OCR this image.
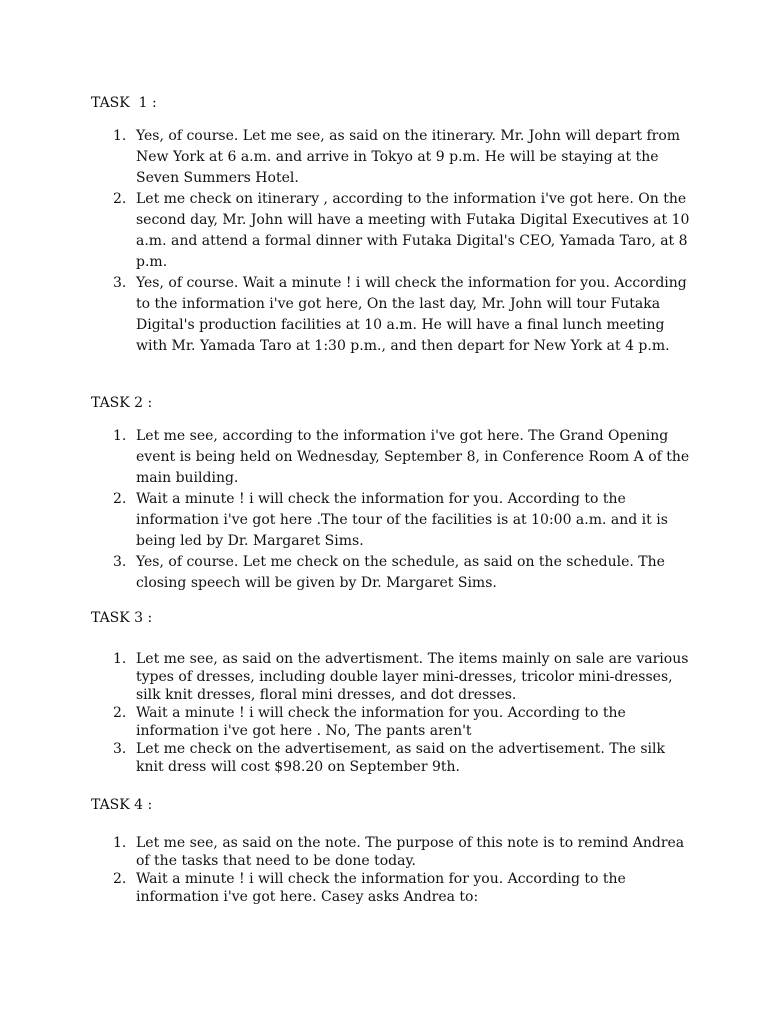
TASK  1 :
1. Yes, of course. Let me see, as said on the itinerary. Mr. John will depart from New York at 6 a.m. and arrive in Tokyo at 9 p.m. He will be staying at the Seven Summers Hotel.
2. Let me check on itinerary , according to the information i've got here. On the second day, Mr. John will have a meeting with Futaka Digital Executives at 10 a.m. and attend a formal dinner with Futaka Digital's CEO, Yamada Taro, at 8 p.m.
3. Yes, of course. Wait a minute ! i will check the information for you. According to the information i've got here, On the last day, Mr. John will tour Futaka Digital's production facilities at 10 a.m. He will have a final lunch meeting with Mr. Yamada Taro at 1:30 p.m., and then depart for New York at 4 p.m.
TASK 2 :
1. Let me see, according to the information i've got here. The Grand Opening event is being held on Wednesday, September 8, in Conference Room A of the main building.
2. Wait a minute ! i will check the information for you. According to the information i've got here .The tour of the facilities is at 10:00 a.m. and it is being led by Dr. Margaret Sims.
3. Yes, of course. Let me check on the schedule, as said on the schedule. The closing speech will be given by Dr. Margaret Sims.
TASK 3 :
1. Let me see, as said on the advertisment. The items mainly on sale are various types of dresses, including double layer mini-dresses, tricolor mini-dresses, silk knit dresses, floral mini dresses, and dot dresses.
2. Wait a minute ! i will check the information for you. According to the information i've got here . No, The pants aren't
3. Let me check on the advertisement, as said on the advertisement. The silk knit dress will cost $98.20 on September 9th.
TASK 4 :
1. Let me see, as said on the note. The purpose of this note is to remind Andrea of the tasks that need to be done today.
2. Wait a minute ! i will check the information for you. According to the information i've got here. Casey asks Andrea to:
